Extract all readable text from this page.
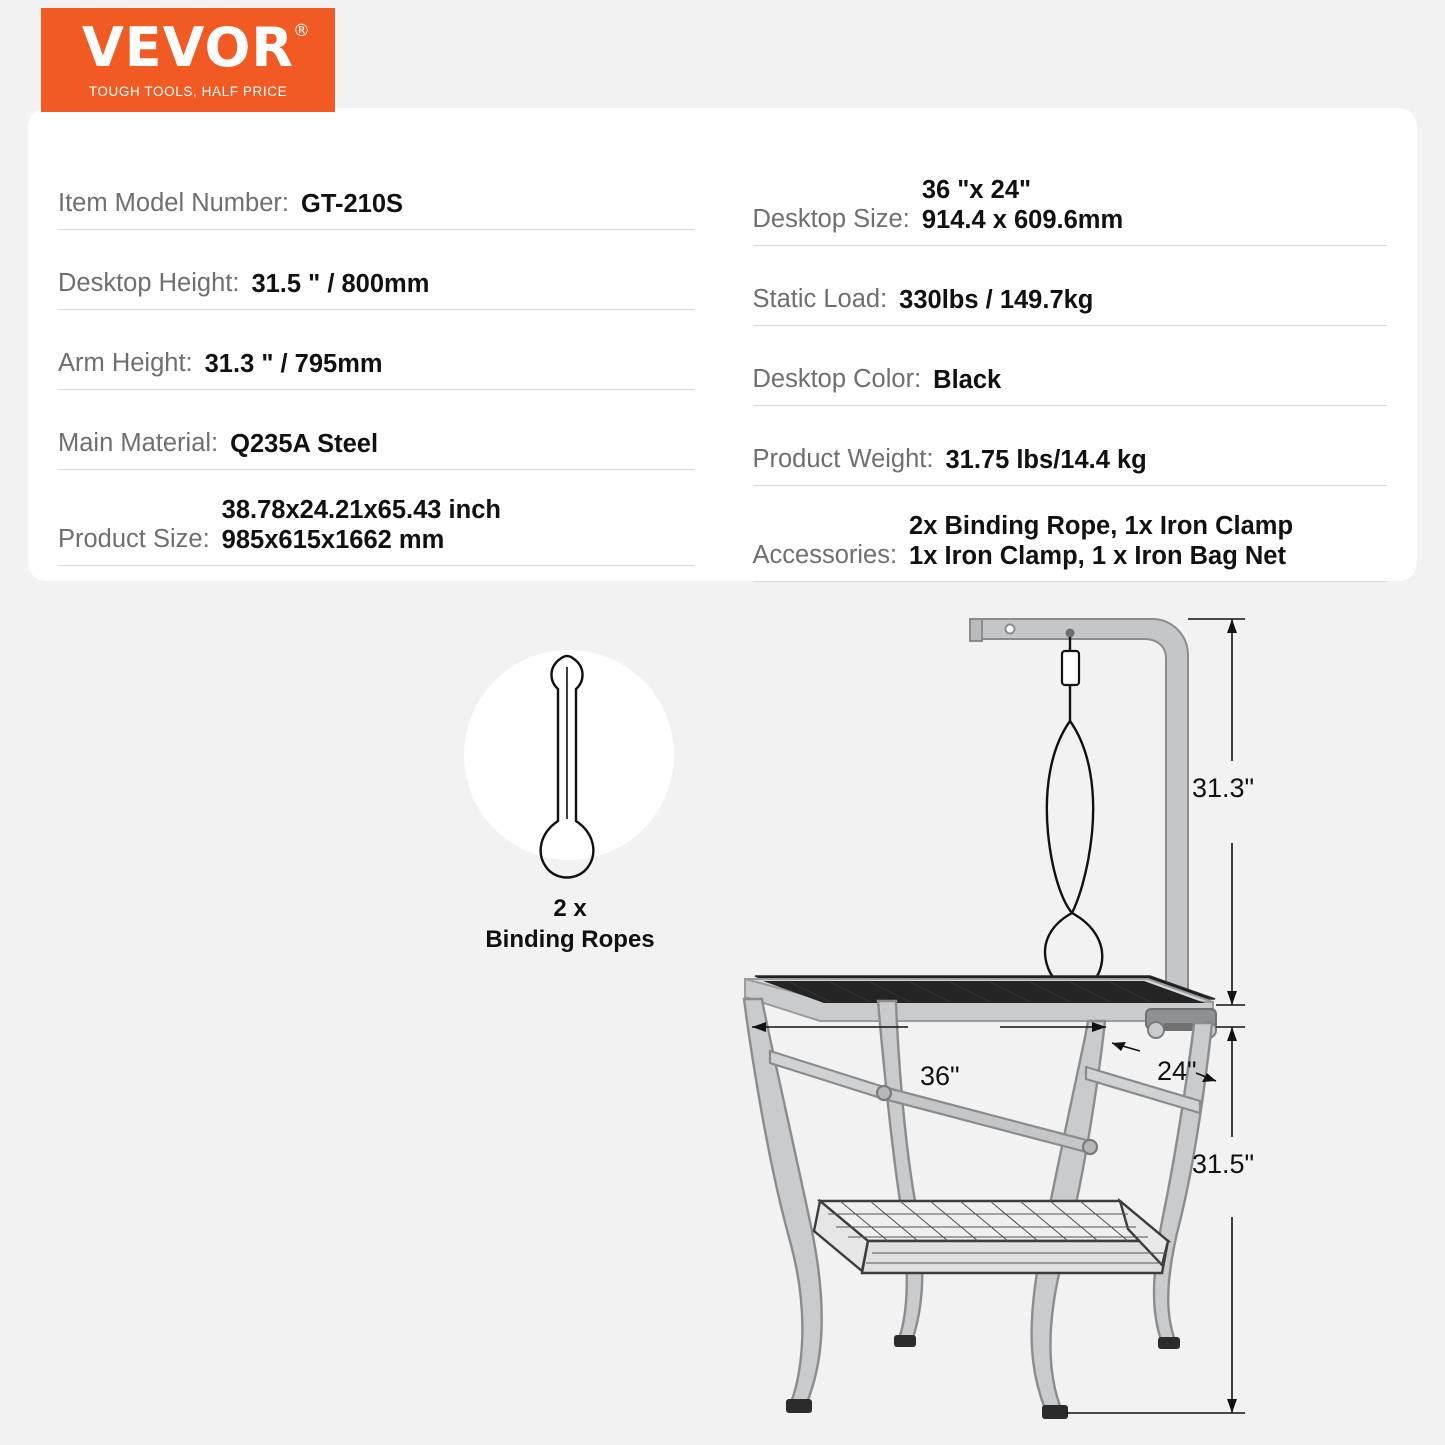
VEVOR ®
TOUGH TOOLS, HALF PRICE
Item Model Number: GT-210S
Desktop Height: 31.5 " / 800mm
Arm Height: 31.3 " / 795mm
Main Material: Q235A Steel
Product Size:
38.78x24.21x65.43 inch
985x615x1662 mm
Desktop Size:
36 "x 24"
914.4 x 609.6mm
Static Load: 330lbs / 149.7kg
Desktop Color: Black
Product Weight: 31.75 lbs/14.4 kg
Accessories:
2x Binding Rope, 1x Iron Clamp
1x Iron Clamp, 1 x Iron Bag Net
2 x
Binding Ropes
31.3"
31.5"
36"	24"
